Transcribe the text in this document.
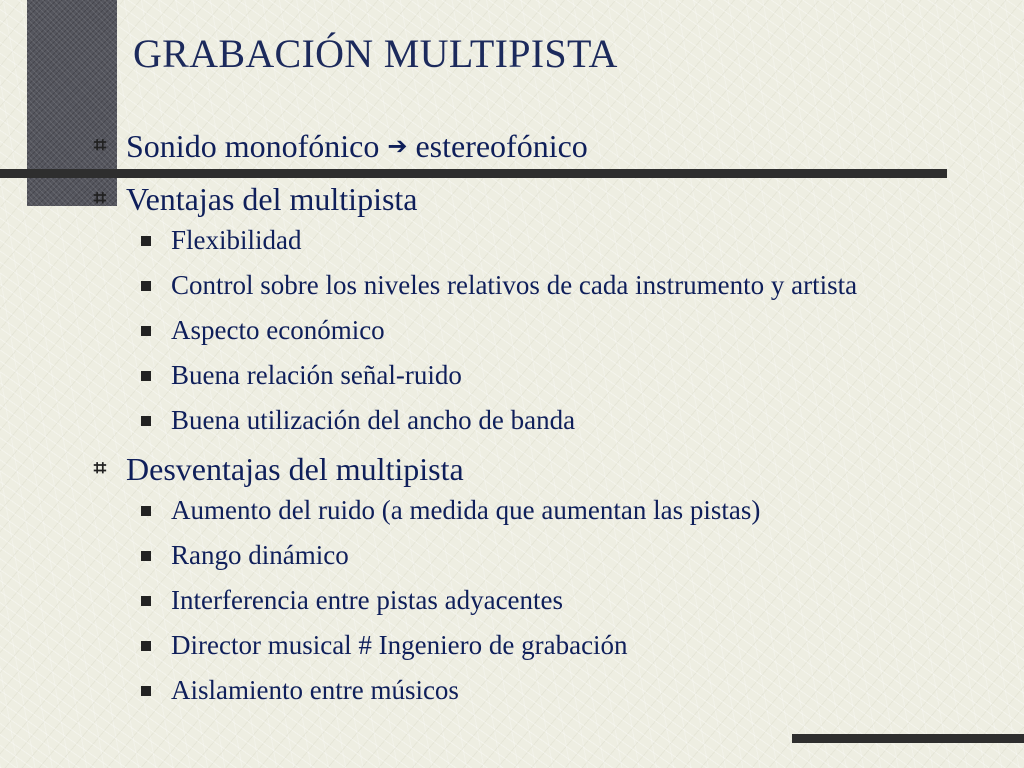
GRABACIÓN MULTIPISTA
⌗ Sonido monofónico ➔ estereofónico
⌗ Ventajas del multipista
Flexibilidad
Control sobre los niveles relativos de cada instrumento y artista
Aspecto económico
Buena relación señal-ruido
Buena utilización del ancho de banda
⌗ Desventajas del multipista
Aumento del ruido (a medida que aumentan las pistas)
Rango dinámico
Interferencia entre pistas adyacentes
Director musical # Ingeniero de grabación
Aislamiento entre músicos
